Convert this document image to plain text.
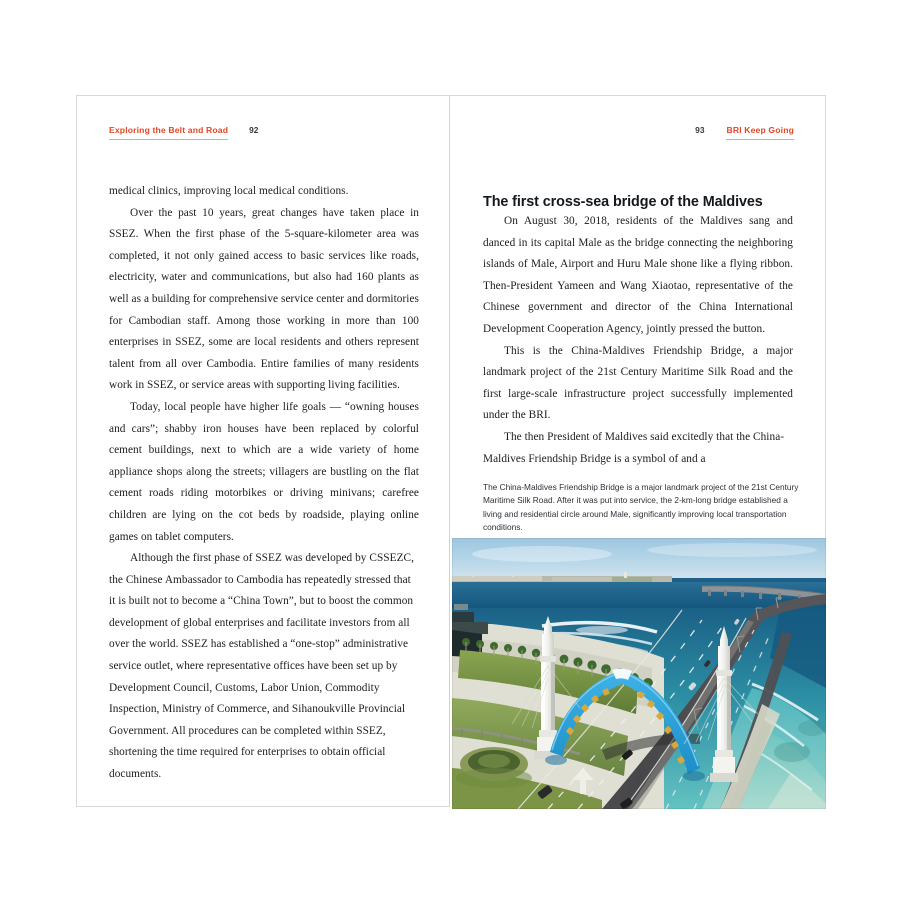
Exploring the Belt and Road	92

medical clinics, improving local medical conditions.

Over the past 10 years, great changes have taken place in SSEZ. When the first phase of the 5-square-kilometer area was completed, it not only gained access to basic services like roads, electricity, water and communications, but also had 160 plants as well as a building for comprehensive service center and dormitories for Cambodian staff. Among those working in more than 100 enterprises in SSEZ, some are local residents and others represent talent from all over Cambodia. Entire families of many residents work in SSEZ, or service areas with supporting living facilities.

Today, local people have higher life goals — “owning houses and cars”; shabby iron houses have been replaced by colorful cement buildings, next to which are a wide variety of home appliance shops along the streets; villagers are bustling on the flat cement roads riding motorbikes or driving minivans; carefree children are lying on the cot beds by roadside, playing online games on tablet computers.

Although the first phase of SSEZ was developed by CSSEZC, the Chinese Ambassador to Cambodia has repeatedly stressed that it is built not to become a “China Town”, but to boost the common development of global enterprises and facilitate investors from all over the world. SSEZ has established a “one-stop” administrative service outlet, where representative offices have been set up by Development Council, Customs, Labor Union, Commodity Inspection, Ministry of Commerce, and Sihanoukville Provincial Government. All procedures can be completed within SSEZ, shortening the time required for enterprises to obtain official documents.

93	BRI Keep Going
The first cross-sea bridge of the Maldives

On August 30, 2018, residents of the Maldives sang and danced in its capital Male as the bridge connecting the neighboring islands of Male, Airport and Huru Male shone like a flying ribbon. Then-President Yameen and Wang Xiaotao, representative of the Chinese government and director of the China International Development Cooperation Agency, jointly pressed the button.

This is the China-Maldives Friendship Bridge, a major landmark project of the 21st Century Maritime Silk Road and the first large-scale infrastructure project successfully implemented under the BRI.

The then President of Maldives said excitedly that the China-Maldives Friendship Bridge is a symbol of and a

The China-Maldives Friendship Bridge is a major landmark project of the 21st Century Maritime Silk Road. After it was put into service, the 2-km-long bridge established a living and residential circle around Male, significantly improving local transportation conditions.
